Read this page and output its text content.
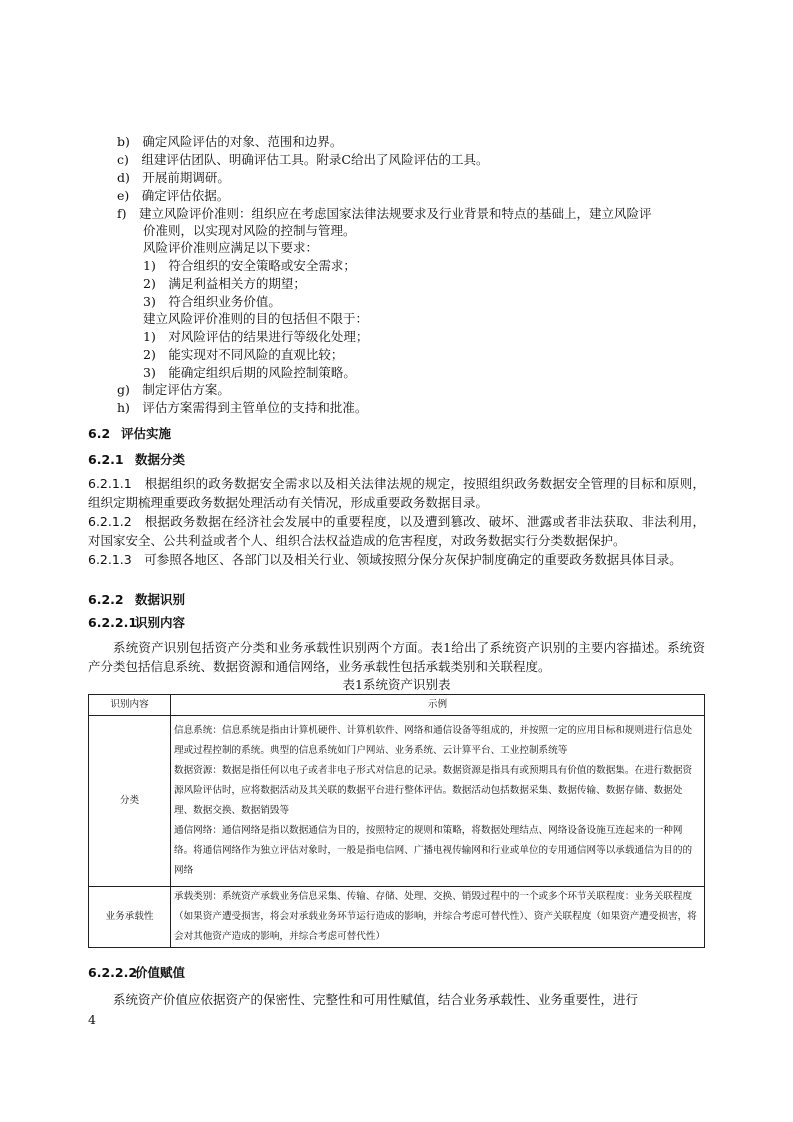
b)　确定风险评估的对象、范围和边界。
c)　组建评估团队、明确评估工具。附录C给出了风险评估的工具。
d)　开展前期调研。
e)　确定评估依据。
f)　建立风险评价准则：组织应在考虑国家法律法规要求及行业背景和特点的基础上，建立风险评
价准则，以实现对风险的控制与管理。
风险评价准则应满足以下要求：
1)　符合组织的安全策略或安全需求；
2)　满足利益相关方的期望；
3)　符合组织业务价值。
建立风险评价准则的目的包括但不限于：
1)　对风险评估的结果进行等级化处理；
2)　能实现对不同风险的直观比较；
3)　能确定组织后期的风险控制策略。
g)　制定评估方案。
h)　评估方案需得到主管单位的支持和批准。
6.2 评估实施
6.2.1 数据分类
6.2.1.1　 根据组织的政务数据安全需求以及相关法律法规的规定，按照组织政务数据安全管理的目标和原则，组织定期梳理重要政务数据处理活动有关情况，形成重要政务数据目录。
6.2.1.2　 根据政务数据在经济社会发展中的重要程度，以及遭到篡改、破坏、泄露或者非法获取、非法利用，对国家安全、公共利益或者个人、组织合法权益造成的危害程度，对政务数据实行分类数据保护。
6.2.1.3　 可参照各地区、各部门以及相关行业、领域按照分保分灰保护制度确定的重要政务数据具体目录。
6.2.2 数据识别
6.2.2.1识别内容
系统资产识别包括资产分类和业务承载性识别两个方面。表1给出了系统资产识别的主要内容描述。系统资产分类包括信息系统、数据资源和通信网络，业务承载性包括承载类别和关联程度。
表1系统资产识别表
识别内容	示例
分类	信息系统：信息系统是指由计算机硬件、计算机软件、网络和通信设备等组成的，并按照一定的应用目标和规则进行信息处理或过程控制的系统。典型的信息系统如门户网站、业务系统、云计算平台、工业控制系统等
数据资源：数据是指任何以电子或者非电子形式对信息的记录。数据资源是指具有或预期具有价值的数据集。在进行数据资源风险评估时，应将数据活动及其关联的数据平台进行整体评估。数据活动包括数据采集、数据传输、数据存储、数据处理、数据交换、数据销毁等
通信网络：通信网络是指以数据通信为目的，按照特定的规则和策略，将数据处理结点、网络设备设施互连起来的一种网络。将通信网络作为独立评估对象时，一般是指电信网、广播电视传输网和行业或单位的专用通信网等以承载通信为目的的网络
业务承载性	承载类别：系统资产承载业务信息采集、传输、存储、处理、交换、销毁过程中的一个或多个环节关联程度：业务关联程度（如果资产遭受损害，将会对承载业务环节运行造成的影响，并综合考虑可替代性）、资产关联程度（如果资产遭受损害，将会对其他资产造成的影响，并综合考虑可替代性）
6.2.2.2价值赋值
系统资产价值应依据资产的保密性、完整性和可用性赋值，结合业务承载性、业务重要性，进行
4
